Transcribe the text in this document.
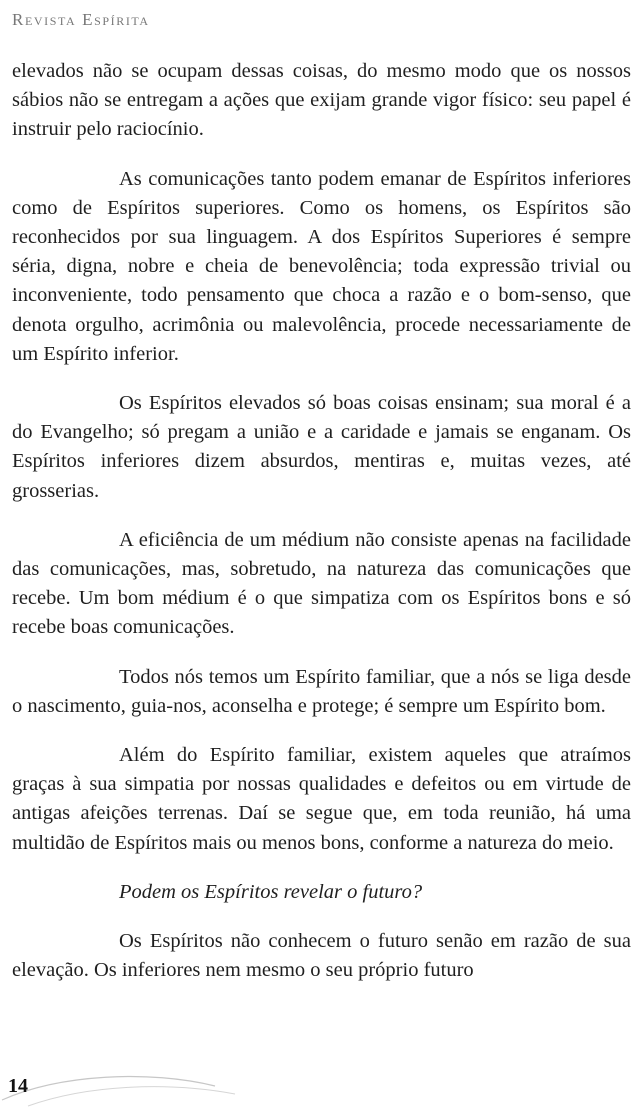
Revista Espírita

elevados não se ocupam dessas coisas, do mesmo modo que os nossos sábios não se entregam a ações que exijam grande vigor físico: seu papel é instruir pelo raciocínio.

As comunicações tanto podem emanar de Espíritos inferiores como de Espíritos superiores. Como os homens, os Espíritos são reconhecidos por sua linguagem. A dos Espíritos Superiores é sempre séria, digna, nobre e cheia de benevolência; toda expressão trivial ou inconveniente, todo pensamento que choca a razão e o bom-senso, que denota orgulho, acrimônia ou malevolência, procede necessariamente de um Espírito inferior.

Os Espíritos elevados só boas coisas ensinam; sua moral é a do Evangelho; só pregam a união e a caridade e jamais se enganam. Os Espíritos inferiores dizem absurdos, mentiras e, muitas vezes, até grosserias.

A eficiência de um médium não consiste apenas na facilidade das comunicações, mas, sobretudo, na natureza das comunicações que recebe. Um bom médium é o que simpatiza com os Espíritos bons e só recebe boas comunicações.

Todos nós temos um Espírito familiar, que a nós se liga desde o nascimento, guia-nos, aconselha e protege; é sempre um Espírito bom.

Além do Espírito familiar, existem aqueles que atraímos graças à sua simpatia por nossas qualidades e defeitos ou em virtude de antigas afeições terrenas. Daí se segue que, em toda reunião, há uma multidão de Espíritos mais ou menos bons, conforme a natureza do meio.

Podem os Espíritos revelar o futuro?

Os Espíritos não conhecem o futuro senão em razão de sua elevação. Os inferiores nem mesmo o seu próprio futuro

14
